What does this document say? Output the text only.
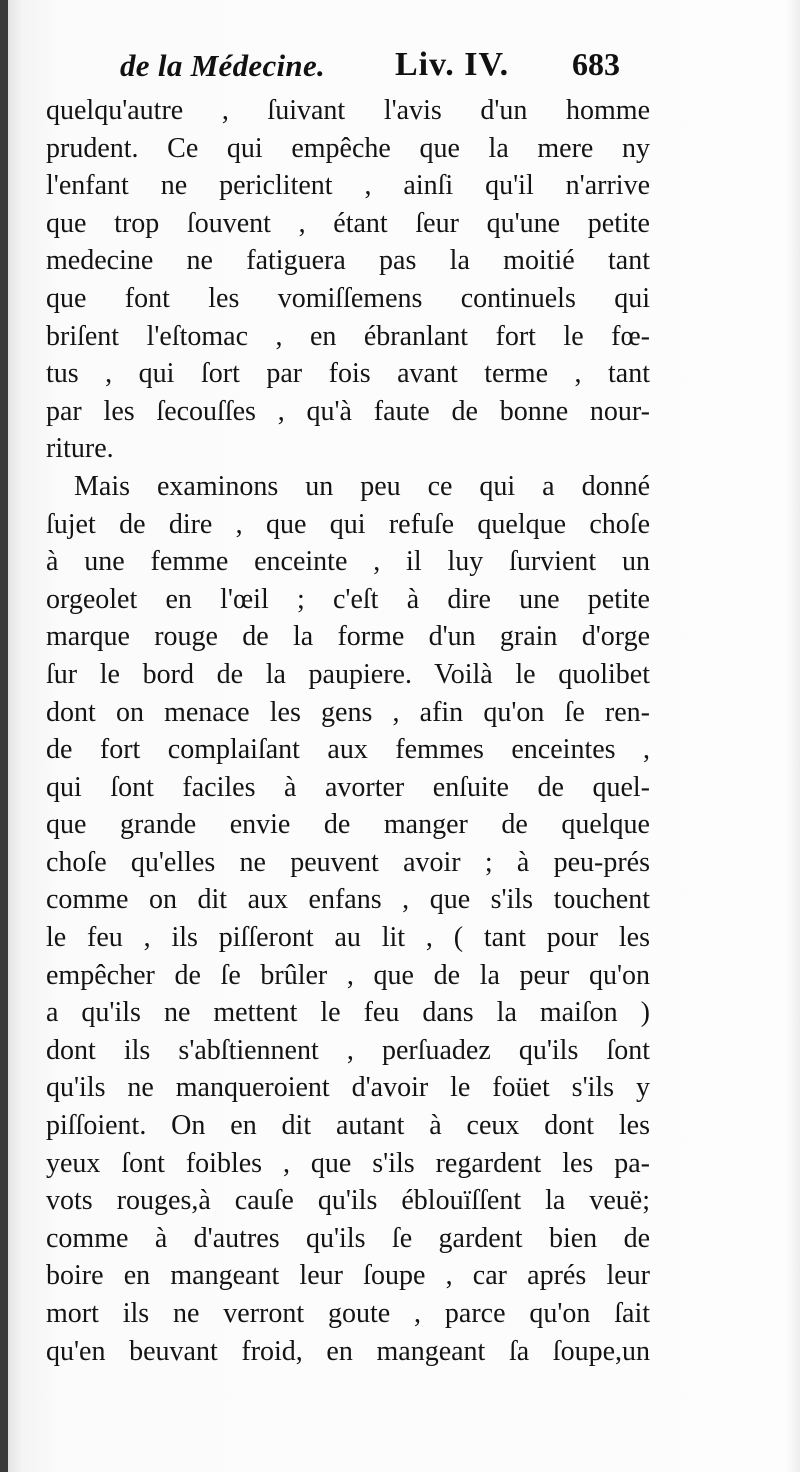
de la Médecine. Liv. IV. 683
quelqu'autre , ſuivant l'avis d'un homme
prudent. Ce qui empêche que la mere ny
l'enfant ne periclitent , ainſi qu'il n'arrive
que trop ſouvent , étant ſeur qu'une petite
medecine ne fatiguera pas la moitié tant
que font les vomiſſemens continuels qui
briſent l'eſtomac , en ébranlant fort le fœ-
tus , qui ſort par fois avant terme , tant
par les ſecouſſes , qu'à faute de bonne nour-
riture.
Mais examinons un peu ce qui a donné
ſujet de dire , que qui refuſe quelque choſe
à une femme enceinte , il luy ſurvient un
orgeolet en l'œil ; c'eſt à dire une petite
marque rouge de la forme d'un grain d'orge
ſur le bord de la paupiere. Voilà le quolibet
dont on menace les gens , afin qu'on ſe ren-
de fort complaiſant aux femmes enceintes ,
qui ſont faciles à avorter enſuite de quel-
que grande envie de manger de quelque
choſe qu'elles ne peuvent avoir ; à peu-prés
comme on dit aux enfans , que s'ils touchent
le feu , ils piſſeront au lit , ( tant pour les
empêcher de ſe brûler , que de la peur qu'on
a qu'ils ne mettent le feu dans la maiſon )
dont ils s'abſtiennent , perſuadez qu'ils ſont
qu'ils ne manqueroient d'avoir le foüet s'ils y
piſſoient. On en dit autant à ceux dont les
yeux ſont foibles , que s'ils regardent les pa-
vots rouges,à cauſe qu'ils éblouïſſent la veuë;
comme à d'autres qu'ils ſe gardent bien de
boire en mangeant leur ſoupe , car aprés leur
mort ils ne verront goute , parce qu'on ſait
qu'en beuvant froid, en mangeant ſa ſoupe,un
